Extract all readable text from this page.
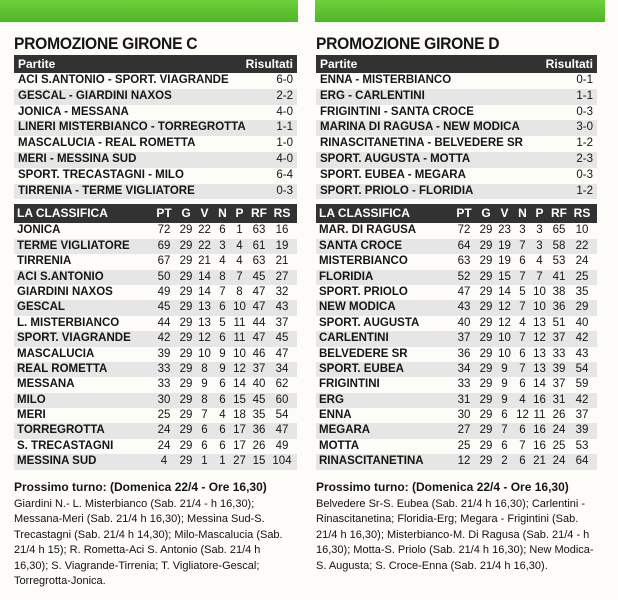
PROMOZIONE GIRONE C
Partite	Risultati
ACI S.ANTONIO - SPORT. VIAGRANDE	6-0
GESCAL - GIARDINI NAXOS	2-2
JONICA - MESSANA	4-0
LINERI MISTERBIANCO - TORREGROTTA	1-1
MASCALUCIA - REAL ROMETTA	1-0
MERI - MESSINA SUD	4-0
SPORT. TRECASTAGNI - MILO	6-4
TIRRENIA - TERME VIGLIATORE	0-3
LA CLASSIFICA	PT G V N P RF RS
JONICA	72 29 22 6 1 63 16
TERME VIGLIATORE	69 29 22 3 4 61 19
TIRRENIA	67 29 21 4 4 63 21
ACI S.ANTONIO	50 29 14 8 7 45 27
GIARDINI NAXOS	49 29 14 7 8 47 32
GESCAL	45 29 13 6 10 47 43
L. MISTERBIANCO	44 29 13 5 11 44 37
SPORT. VIAGRANDE	42 29 12 6 11 47 45
MASCALUCIA	39 29 10 9 10 46 47
REAL ROMETTA	33 29 8	9 12 37 34
MESSANA	33 29 9	6 14 40 62
MILO	30 29 8	6 15 45 60
MERI	25 29 7	4 18 35 54
TORREGROTTA	24 29 6	6 17 36 47
S. TRECASTAGNI	24 29 6	6 17 26 49
MESSINA SUD	4	29 1	1 27 15 104
Prossimo turno: (Domenica 22/4 - Ore 16,30)
Giardini N.- L. Misterbianco (Sab. 21/4 - h 16,30); Messana-Meri (Sab. 21/4 h 16,30); Messina Sud-S. Trecastagni (Sab. 21/4 h 14,30); Milo-Mascalucia (Sab. 21/4 h 15); R. Rometta-Aci S. Antonio (Sab. 21/4 h 16,30); S. Viagrande-Tirrenia; T. Vigliatore-Gescal; Torregrotta-Jonica.
PROMOZIONE GIRONE D
Partite	Risultati
ENNA - MISTERBIANCO	0-1
ERG - CARLENTINI	1-1
FRIGINTINI - SANTA CROCE	0-3
MARINA DI RAGUSA - NEW MODICA	3-0
RINASCITANETINA - BELVEDERE SR	1-2
SPORT. AUGUSTA - MOTTA	2-3
SPORT. EUBEA - MEGARA	0-3
SPORT. PRIOLO - FLORIDIA	1-2
LA CLASSIFICA	PT G V N P RF RS
MAR. DI RAGUSA	72 29 23 3 3 65 10
SANTA CROCE	64 29 19 7 3 58 22
MISTERBIANCO	63 29 19 6 4 53 24
FLORIDIA	52 29 15 7 7 41 25
SPORT. PRIOLO	47 29 14 5 10 38 35
NEW MODICA	43 29 12 7 10 36 29
SPORT. AUGUSTA	40 29 12 4 13 51 40
CARLENTINI	37 29 10 7 12 37 42
BELVEDERE SR	36 29 10 6 13 33 43
SPORT. EUBEA	34 29 9	7 13 39 54
FRIGINTINI	33 29 9	6 14 37 59
ERG	31 29 9	4 16 31 42
ENNA	30 29 6 12 11 26 37
MEGARA	27 29 7	6 16 24 39
MOTTA	25 29 6	7 16 25 53
RINASCITANETINA	12 29 2	6 21 24 64
Prossimo turno: (Domenica 22/4 - Ore 16,30)
Belvedere Sr-S. Eubea (Sab. 21/4 h 16,30); Carlentini - Rinascitanetina; Floridia-Erg; Megara - Frigintini (Sab. 21/4 h 16,30); Misterbianco-M. Di Ragusa (Sab. 21/4 - h 16,30); Motta-S. Priolo (Sab. 21/4 h 16,30); New Modica-S. Augusta; S. Croce-Enna (Sab. 21/4 h 16,30).
